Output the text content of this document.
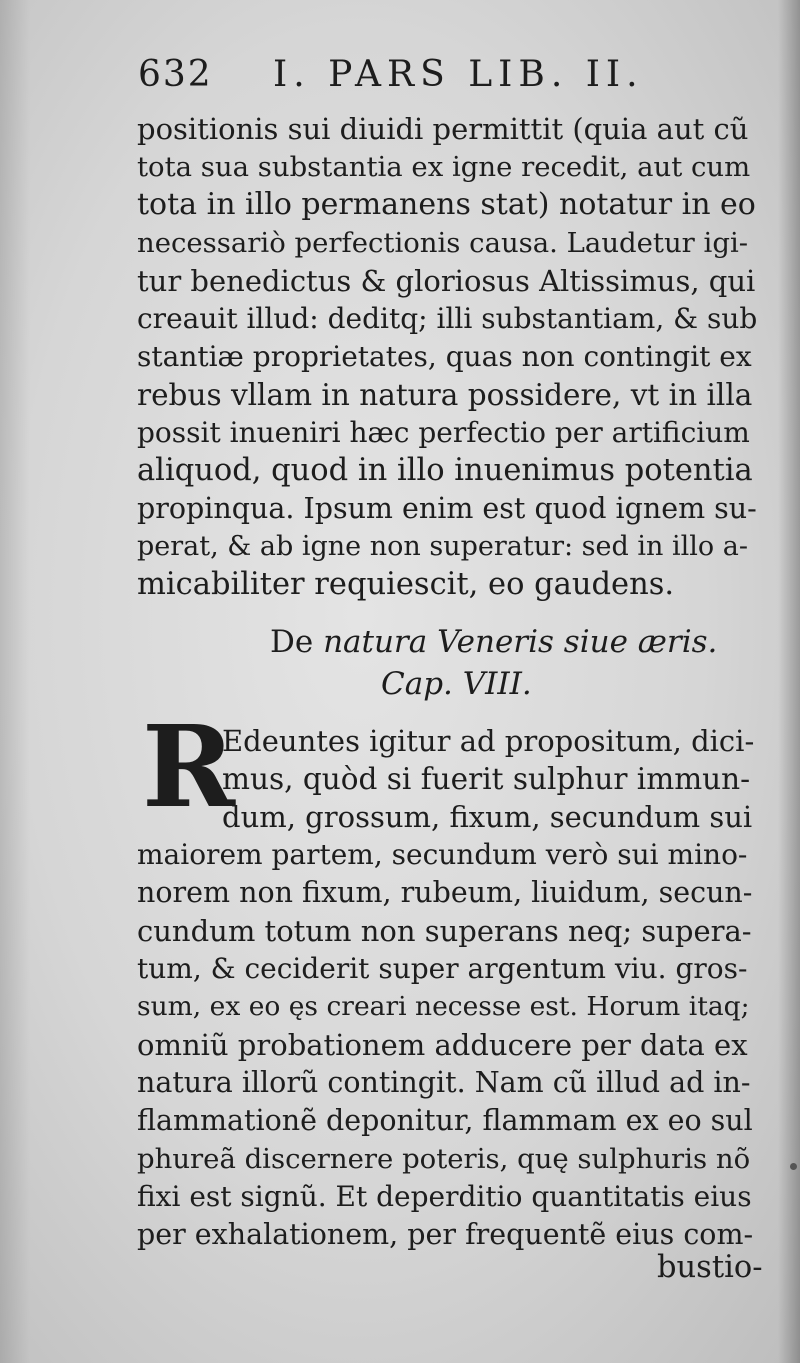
632 I. PARS LIB. II.
positionis sui diuidi permittit (quia aut cũ
tota sua substantia ex igne recedit, aut cum
tota in illo permanens stat) notatur in eo
necessariò perfectionis causa. Laudetur igi-
tur benedictus & gloriosus Altissimus, qui
creauit illud: deditq; illi substantiam, & sub
stantiæ proprietates, quas non contingit ex
rebus vllam in natura possidere, vt in illa
possit inueniri hæc perfectio per artificium
aliquod, quod in illo inuenimus potentia
propinqua. Ipsum enim est quod ignem su-
perat, & ab igne non superatur: sed in illo a-
micabiliter requiescit, eo gaudens.
De natura Veneris siue æris.
Cap. VIII.
R
Edeuntes igitur ad propositum, dici-
mus, quòd si fuerit sulphur immun-
dum, grossum, fixum, secundum sui
maiorem partem, secundum verò sui mino-
norem non fixum, rubeum, liuidum, secun-
cundum totum non superans neq; supera-
tum, & ceciderit super argentum viu. gros-
sum, ex eo ęs creari necesse est. Horum itaq;
omniũ probationem adducere per data ex
natura illorũ contingit. Nam cũ illud ad in-
flammationẽ deponitur, flammam ex eo sul
phureã discernere poteris, quę sulphuris nõ
fixi est signũ. Et deperditio quantitatis eius
per exhalationem, per frequentẽ eius com-
bustio-
